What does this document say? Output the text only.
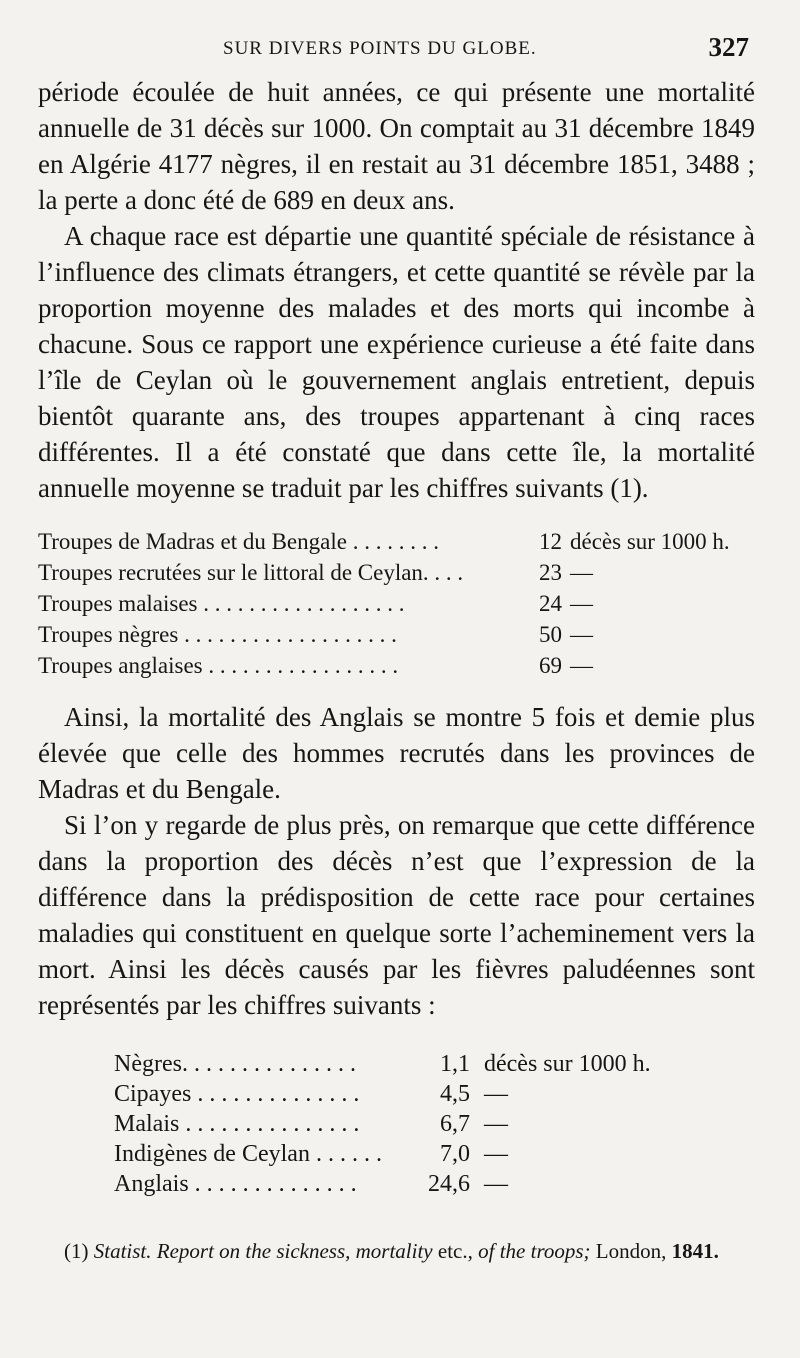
SUR DIVERS POINTS DU GLOBE.	327

période écoulée de huit années, ce qui présente une mortalité annuelle de 31 décès sur 1000. On comptait au 31 décembre 1849 en Algérie 4177 nègres, il en restait au 31 décembre 1851, 3488 ; la perte a donc été de 689 en deux ans.

A chaque race est départie une quantité spéciale de résistance à l’influence des climats étrangers, et cette quantité se révèle par la proportion moyenne des malades et des morts qui incombe à chacune. Sous ce rapport une expérience curieuse a été faite dans l’île de Ceylan où le gouvernement anglais entretient, depuis bientôt quarante ans, des troupes appartenant à cinq races différentes. Il a été constaté que dans cette île, la mortalité annuelle moyenne se traduit par les chiffres suivants (1).

Troupes de Madras et du Bengale . . . . . . . .	12 décès sur 1000 h.
Troupes recrutées sur le littoral de Ceylan. . . .	23 —
Troupes malaises . . . . . . . . . . . . . . . . . .	24 —
Troupes nègres . . . . . . . . . . . . . . . . . . .	50 —
Troupes anglaises . . . . . . . . . . . . . . . . .	69 —

Ainsi, la mortalité des Anglais se montre 5 fois et demie plus élevée que celle des hommes recrutés dans les provinces de Madras et du Bengale.

Si l’on y regarde de plus près, on remarque que cette différence dans la proportion des décès n’est que l’expression de la différence dans la prédisposition de cette race pour certaines maladies qui constituent en quelque sorte l’acheminement vers la mort. Ainsi les décès causés par les fièvres paludéennes sont représentés par les chiffres suivants :

Nègres. . . . . . . . . . . . . . .	1,1 décès sur 1000 h.
Cipayes . . . . . . . . . . . . . .	4,5 —
Malais . . . . . . . . . . . . . . .	6,7 —
Indigènes de Ceylan . . . . . .	7,0 —
Anglais . . . . . . . . . . . . . .	24,6 —
(1) Statist. Report on the sickness, mortality etc., of the troops; London, 1841.
